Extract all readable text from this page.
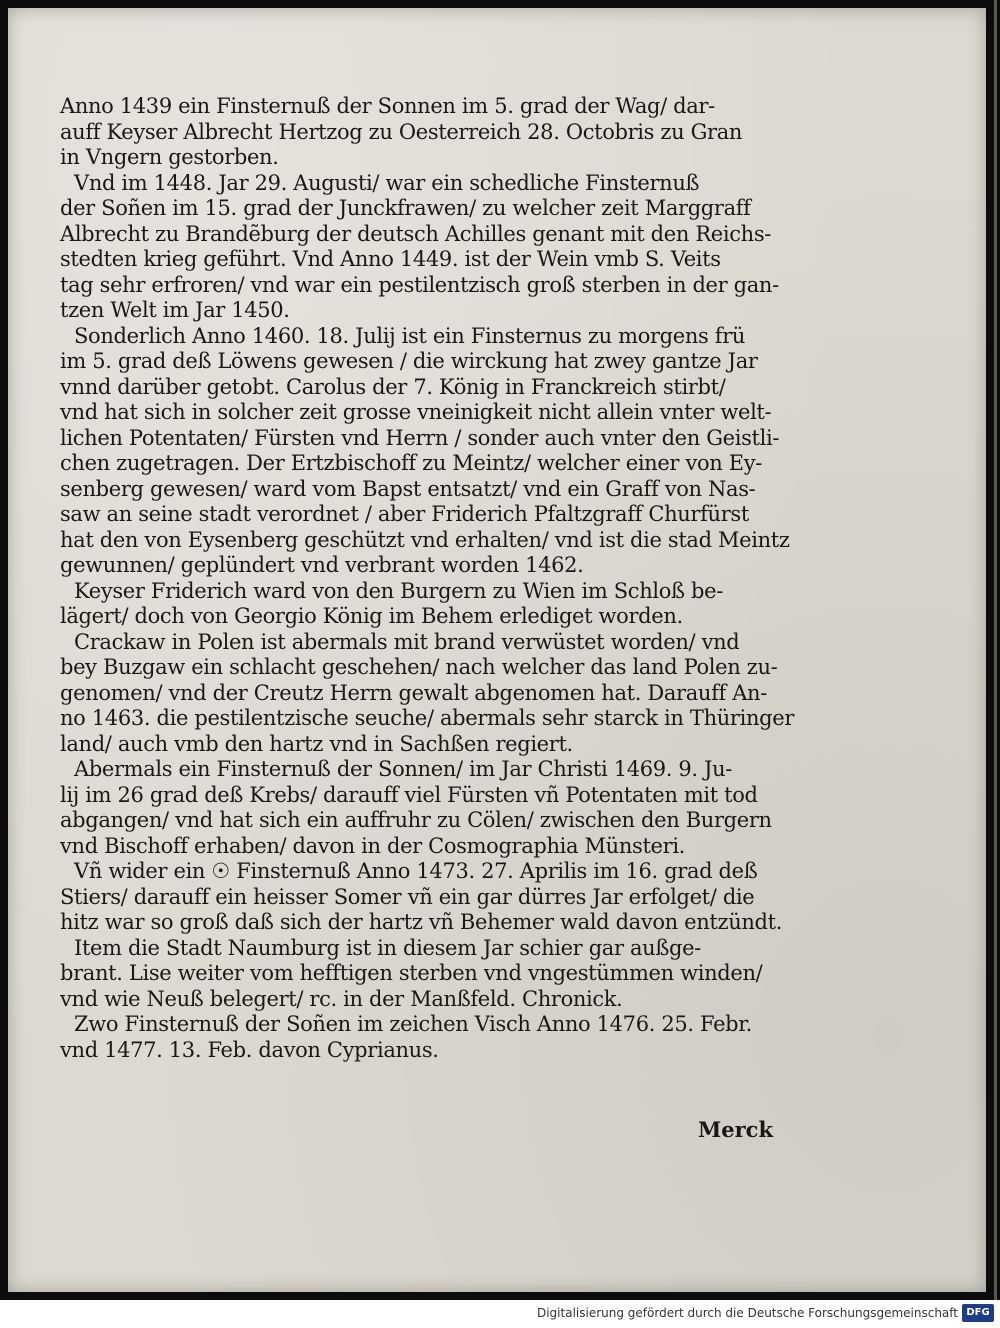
Anno 1439 ein Finsternuß der Sonnen im 5. grad der Wag/ dar-
auff Keyser Albrecht Hertzog zu Oesterreich 28. Octobris zu Gran
in Vngern gestorben.
Vnd im 1448. Jar 29. Augusti/ war ein schedliche Finsternuß
der Soñen im 15. grad der Junckfrawen/ zu welcher zeit Marggraff
Albrecht zu Brandẽburg der deutsch Achilles genant mit den Reichs-
stedten krieg geführt. Vnd Anno 1449. ist der Wein vmb S. Veits
tag sehr erfroren/ vnd war ein pestilentzisch groß sterben in der gan-
tzen Welt im Jar 1450.
Sonderlich Anno 1460. 18. Julij ist ein Finsternus zu morgens frü
im 5. grad deß Löwens gewesen / die wirckung hat zwey gantze Jar
vnnd darüber getobt. Carolus der 7. König in Franckreich stirbt/
vnd hat sich in solcher zeit grosse vneinigkeit nicht allein vnter welt-
lichen Potentaten/ Fürsten vnd Herrn / sonder auch vnter den Geistli-
chen zugetragen. Der Ertzbischoff zu Meintz/ welcher einer von Ey-
senberg gewesen/ ward vom Bapst entsatzt/ vnd ein Graff von Nas-
saw an seine stadt verordnet / aber Friderich Pfaltzgraff Churfürst
hat den von Eysenberg geschützt vnd erhalten/ vnd ist die stad Meintz
gewunnen/ geplündert vnd verbrant worden 1462.
Keyser Friderich ward von den Burgern zu Wien im Schloß be-
lägert/ doch von Georgio König im Behem erlediget worden.
Crackaw in Polen ist abermals mit brand verwüstet worden/ vnd
bey Buzgaw ein schlacht geschehen/ nach welcher das land Polen zu-
genomen/ vnd der Creutz Herrn gewalt abgenomen hat. Darauff An-
no 1463. die pestilentzische seuche/ abermals sehr starck in Thüringer
land/ auch vmb den hartz vnd in Sachßen regiert.
Abermals ein Finsternuß der Sonnen/ im Jar Christi 1469. 9. Ju-
lij im 26 grad deß Krebs/ darauff viel Fürsten vñ Potentaten mit tod
abgangen/ vnd hat sich ein auffruhr zu Cölen/ zwischen den Burgern
vnd Bischoff erhaben/ davon in der Cosmographia Münsteri.
Vñ wider ein ☉ Finsternuß Anno 1473. 27. Aprilis im 16. grad deß
Stiers/ darauff ein heisser Somer vñ ein gar dürres Jar erfolget/ die
hitz war so groß daß sich der hartz vñ Behemer wald davon entzündt.
Item die Stadt Naumburg ist in diesem Jar schier gar außge-
brant. Lise weiter vom hefftigen sterben vnd vngestümmen winden/
vnd wie Neuß belegert/ rc. in der Manßfeld. Chronick.
Zwo Finsternuß der Soñen im zeichen Visch Anno 1476. 25. Febr.
vnd 1477. 13. Feb. davon Cyprianus.
Merck
Digitalisierung gefördert durch die Deutsche Forschungsgemeinschaft DFG
